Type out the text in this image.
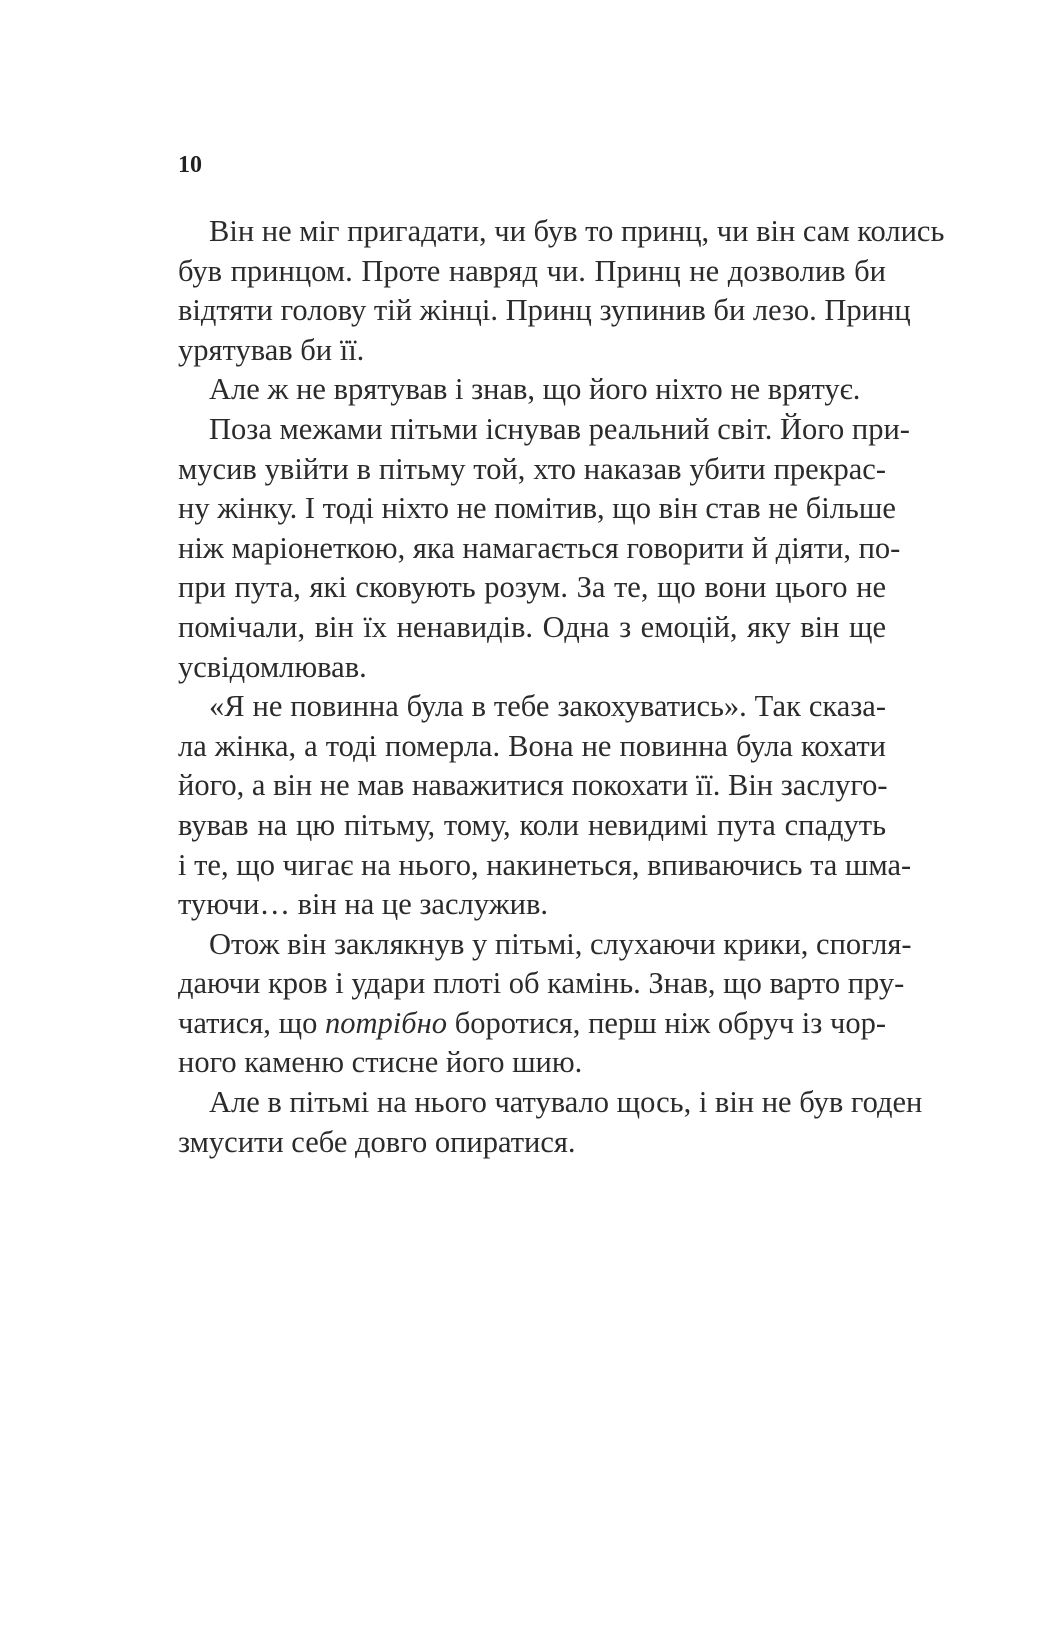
10

Він не міг пригадати, чи був то принц, чи він сам колись
був принцом. Проте навряд чи. Принц не дозволив би
відтяти голову тій жінці. Принц зупинив би лезо. Принц
урятував би її.

Але ж не врятував і знав, що його ніхто не врятує.

Поза межами пітьми існував реальний світ. Його при-
мусив увійти в пітьму той, хто наказав убити прекрас-
ну жінку. І тоді ніхто не помітив, що він став не більше
ніж маріонеткою, яка намагається говорити й діяти, по-
при пута, які сковують розум. За те, що вони цього не
помічали, він їх ненавидів. Одна з емоцій, яку він ще
усвідомлював.

«Я не повинна була в тебе закохуватись». Так сказа-
ла жінка, а тоді померла. Вона не повинна була кохати
його, а він не мав наважитися покохати її. Він заслуго-
вував на цю пітьму, тому, коли невидимі пута спадуть
і те, що чигає на нього, накинеться, впиваючись та шма-
туючи… він на це заслужив.

Отож він заклякнув у пітьмі, слухаючи крики, спогля-
даючи кров і удари плоті об камінь. Знав, що варто пру-
чатися, що потрібно боротися, перш ніж обруч із чор-
ного каменю стисне його шию.

Але в пітьмі на нього чатувало щось, і він не був годен
змусити себе довго опиратися.
